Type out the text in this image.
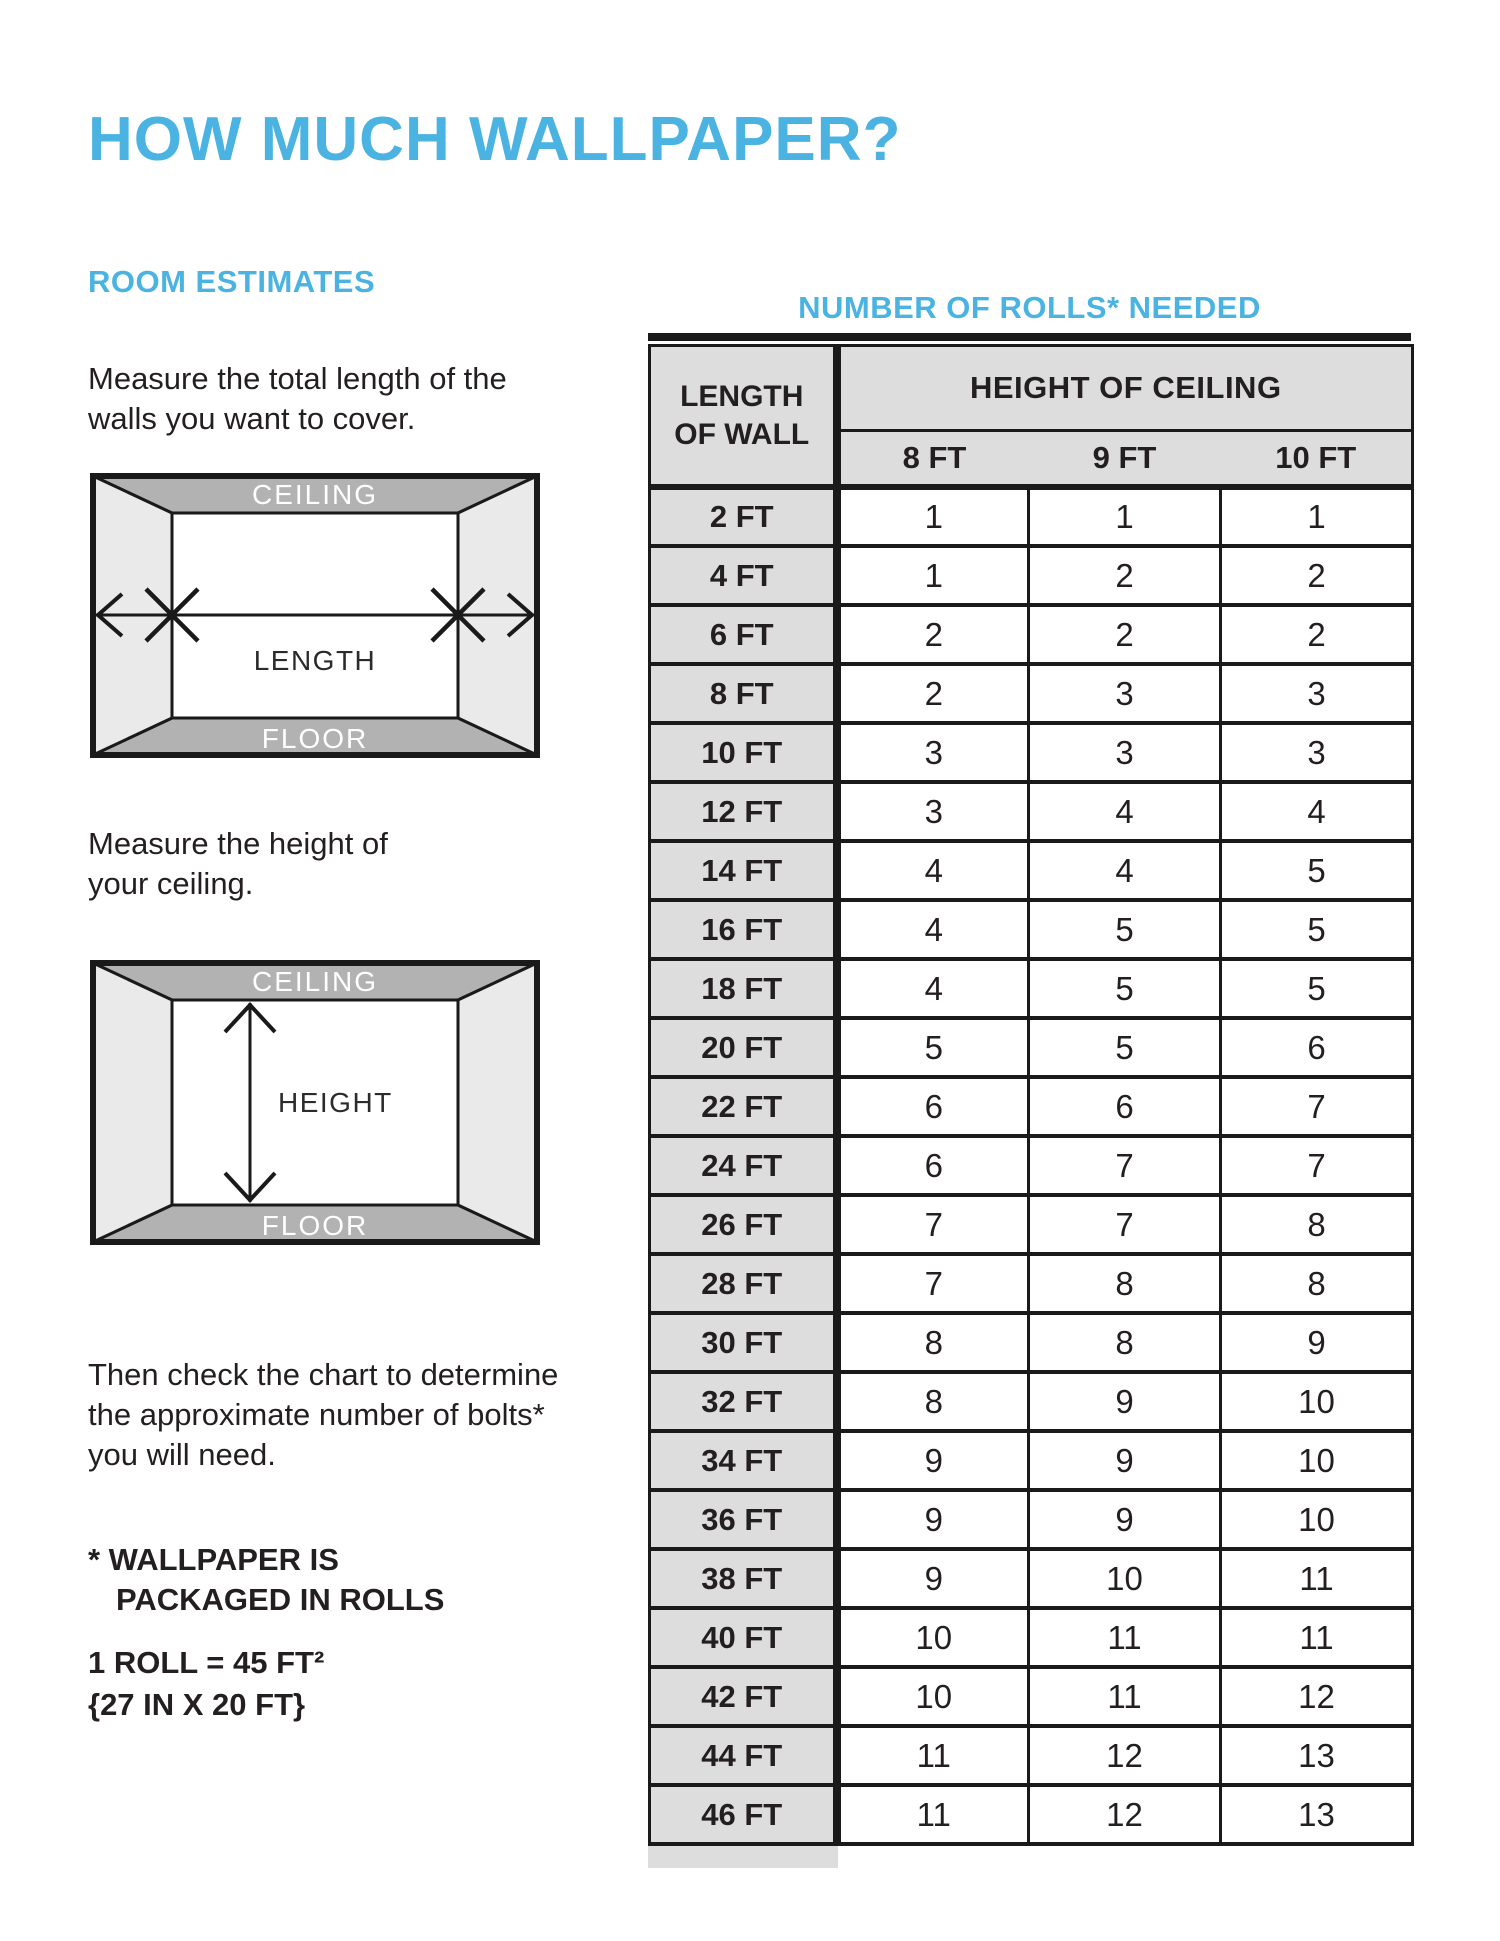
HOW MUCH WALLPAPER?
ROOM ESTIMATES

Measure the total length of the walls you want to cover.

CEILING
FLOOR
LENGTH

Measure the height of your ceiling.

CEILING
FLOOR
HEIGHT

Then check the chart to determine the approximate number of bolts* you will need.

* WALLPAPER IS
PACKAGED IN ROLLS
1 ROLL = 45 FT²
{27 IN X 20 FT}
NUMBER OF ROLLS* NEEDED
LENGTH
OF WALL	HEIGHT OF CEILING		
	8 FT	9 FT	10 FT
2 FT	1	1	1
4 FT	1	2	2
6 FT	2	2	2
8 FT	2	3	3
10 FT	3	3	3
12 FT	3	4	4
14 FT	4	4	5
16 FT	4	5	5
18 FT	4	5	5
20 FT	5	5	6
22 FT	6	6	7
24 FT	6	7	7
26 FT	7	7	8
28 FT	7	8	8
30 FT	8	8	9
32 FT	8	9	10
34 FT	9	9	10
36 FT	9	9	10
38 FT	9	10	11
40 FT	10	11	11
42 FT	10	11	12
44 FT	11	12	13
46 FT	11	12	13
